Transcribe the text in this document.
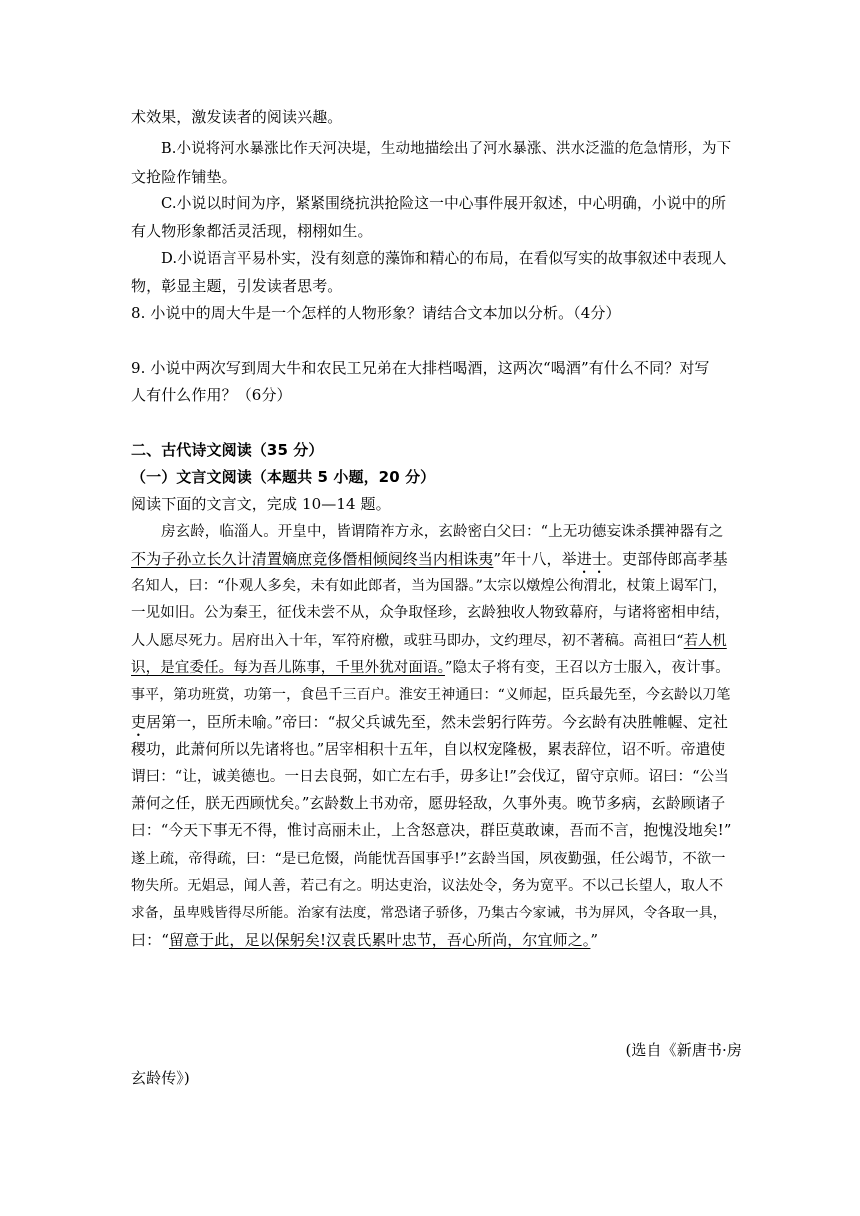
术效果，激发读者的阅读兴趣。
B.小说将河水暴涨比作天河决堤，生动地描绘出了河水暴涨、洪水泛滥的危急情形，为下
文抢险作铺垫。
C.小说以时间为序，紧紧围绕抗洪抢险这一中心事件展开叙述，中心明确，小说中的所
有人物形象都活灵活现，栩栩如生。
D.小说语言平易朴实，没有刻意的藻饰和精心的布局，在看似写实的故事叙述中表现人
物，彰显主题，引发读者思考。
8. 小说中的周大牛是一个怎样的人物形象？请结合文本加以分析。（4分）
9. 小说中两次写到周大牛和农民工兄弟在大排档喝酒，这两次“喝酒”有什么不同？对写
人有什么作用？（6分）
二、古代诗文阅读（35 分）
（一）文言文阅读（本题共 5 小题，20 分）
阅读下面的文言文，完成 10—14 题。
房玄龄，临淄人。开皇中，皆谓隋祚方永，玄龄密白父曰：“上无功德妄诛杀撰神器有之
不为子孙立长久计清置嫡庶竞侈僭相倾阋终当内相诛夷”年十八，举进士。吏部侍郎高孝基
名知人，曰：“仆观人多矣，未有如此郎者，当为国器。”太宗以燉煌公徇渭北，杖策上谒军门，
一见如旧。公为秦王，征伐未尝不从，众争取怪珍，玄龄独收人物致幕府，与诸将密相申结，
人人愿尽死力。居府出入十年，军符府檄，或驻马即办，文约理尽，初不著稿。高祖曰“若人机
识，是宜委任。每为吾儿陈事，千里外犹对面语。”隐太子将有变，王召以方士服入，夜计事。
事平，第功班赏，功第一，食邑千三百户。淮安王神通曰：“义师起，臣兵最先至，今玄龄以刀笔
吏居第一，臣所未喻。”帝曰：“叔父兵诚先至，然未尝躬行阵劳。今玄龄有决胜帷幄、定社
稷功，此萧何所以先诸将也。”居宰相积十五年，自以权宠隆极，累表辞位，诏不听。帝遣使
谓曰：“让，诚美德也。一日去良弼，如亡左右手，毋多让!”会伐辽，留守京师。诏曰：“公当
萧何之任，朕无西顾忧矣。”玄龄数上书劝帝，愿毋轻敌，久事外夷。晚节多病，玄龄顾诸子
曰：“今天下事无不得，惟讨高丽未止，上含怒意决，群臣莫敢谏，吾而不言，抱愧没地矣!”
遂上疏，帝得疏，曰：“是已危惙，尚能忧吾国事乎!”玄龄当国，夙夜勤强，任公竭节，不欲一
物失所。无娼忌，闻人善，若己有之。明达吏治，议法处令，务为宽平。不以己长望人，取人不
求备，虽卑贱皆得尽所能。治家有法度，常恐诸子骄侈，乃集古今家诫，书为屏风，令各取一具，
曰：“留意于此，足以保躬矣!汉袁氏累叶忠节，吾心所尚，尔宜师之。”
(选自《新唐书·房
玄龄传》)
